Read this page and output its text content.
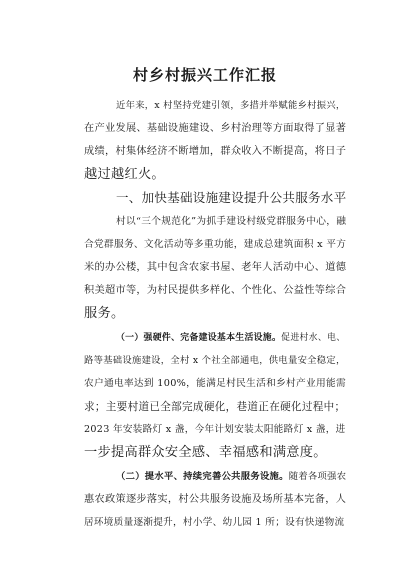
村乡村振兴工作汇报
近年来，x 村坚持党建引领，多措并举赋能乡村振兴，
在产业发展、基础设施建设、乡村治理等方面取得了显著
成绩，村集体经济不断增加，群众收入不断提高，将日子
越过越红火。
一、加快基础设施建设提升公共服务水平
村以“三个规范化”为抓手建设村级党群服务中心，融
合党群服务、文化活动等多重功能，建成总建筑面积 x 平方
米的办公楼，其中包含农家书屋、老年人活动中心、道德
积美超市等，为村民提供多样化、个性化、公益性等综合
服务。
（一）强硬件、完备建设基本生活设施。促进村水、电、
路等基础设施建设，全村 x 个社全部通电，供电量安全稳定，
农户通电率达到 100%，能满足村民生活和乡村产业用能需
求；主要村道已全部完成硬化，巷道正在硬化过程中；
2023 年安装路灯 x 盏，今年计划安装太阳能路灯 x 盏，进
一步提高群众安全感、幸福感和满意度。
（二）提水平、持续完善公共服务设施。随着各项强农
惠农政策逐步落实，村公共服务设施及场所基本完备，人
居环境质量逐渐提升，村小学、幼儿园 1 所；设有快递物流
